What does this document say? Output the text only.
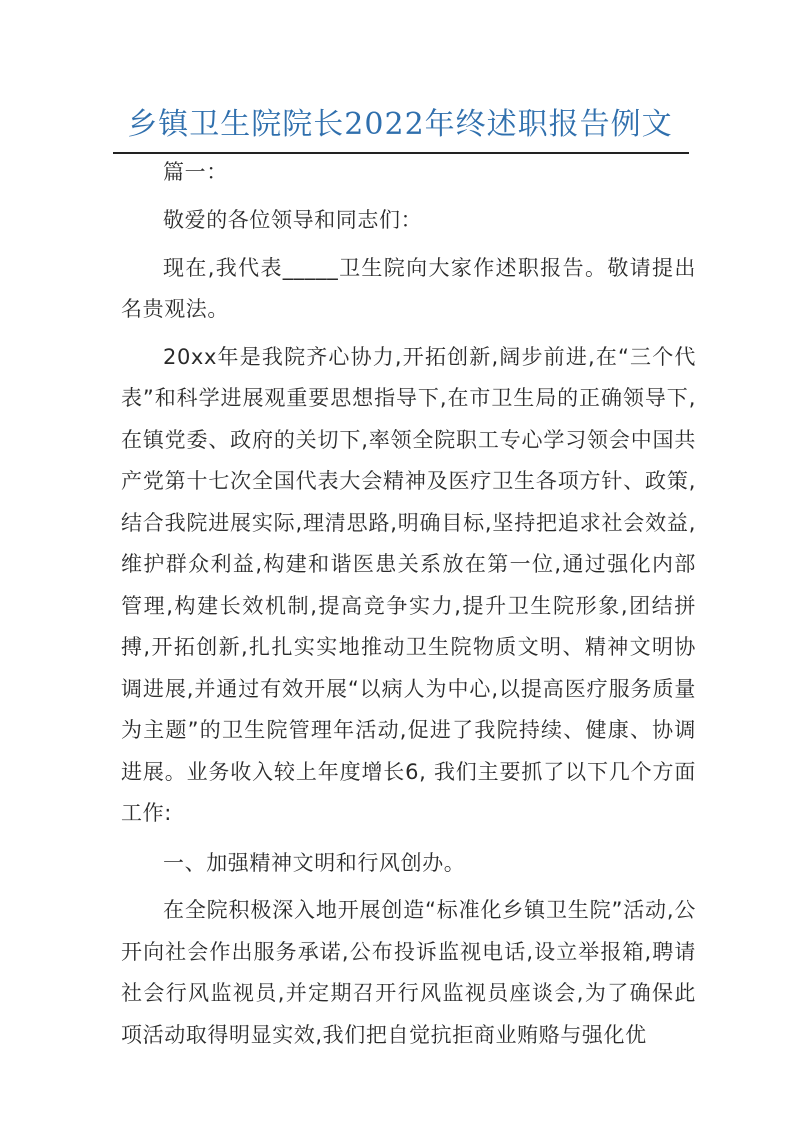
乡镇卫生院院长2022年终述职报告例文

篇一：

敬爱的各位领导和同志们：

现在,我代表_____卫生院向大家作述职报告。敬请提出名贵观法。

20xx年是我院齐心协力,开拓创新,阔步前进,在“三个代表”和科学进展观重要思想指导下,在市卫生局的正确领导下,在镇党委、政府的关切下,率领全院职工专心学习领会中国共产党第十七次全国代表大会精神及医疗卫生各项方针、政策,结合我院进展实际,理清思路,明确目标,坚持把追求社会效益,维护群众利益,构建和谐医患关系放在第一位,通过强化内部管理,构建长效机制,提高竞争实力,提升卫生院形象,团结拼搏,开拓创新,扎扎实实地推动卫生院物质文明、精神文明协调进展,并通过有效开展“以病人为中心,以提高医疗服务质量为主题”的卫生院管理年活动,促进了我院持续、健康、协调进展。业务收入较上年度增长6, 我们主要抓了以下几个方面工作:

一、加强精神文明和行风创办。

在全院积极深入地开展创造“标准化乡镇卫生院”活动,公开向社会作出服务承诺,公布投诉监视电话,设立举报箱,聘请社会行风监视员,并定期召开行风监视员座谈会,为了确保此项活动取得明显实效,我们把自觉抗拒商业贿赂与强化优
